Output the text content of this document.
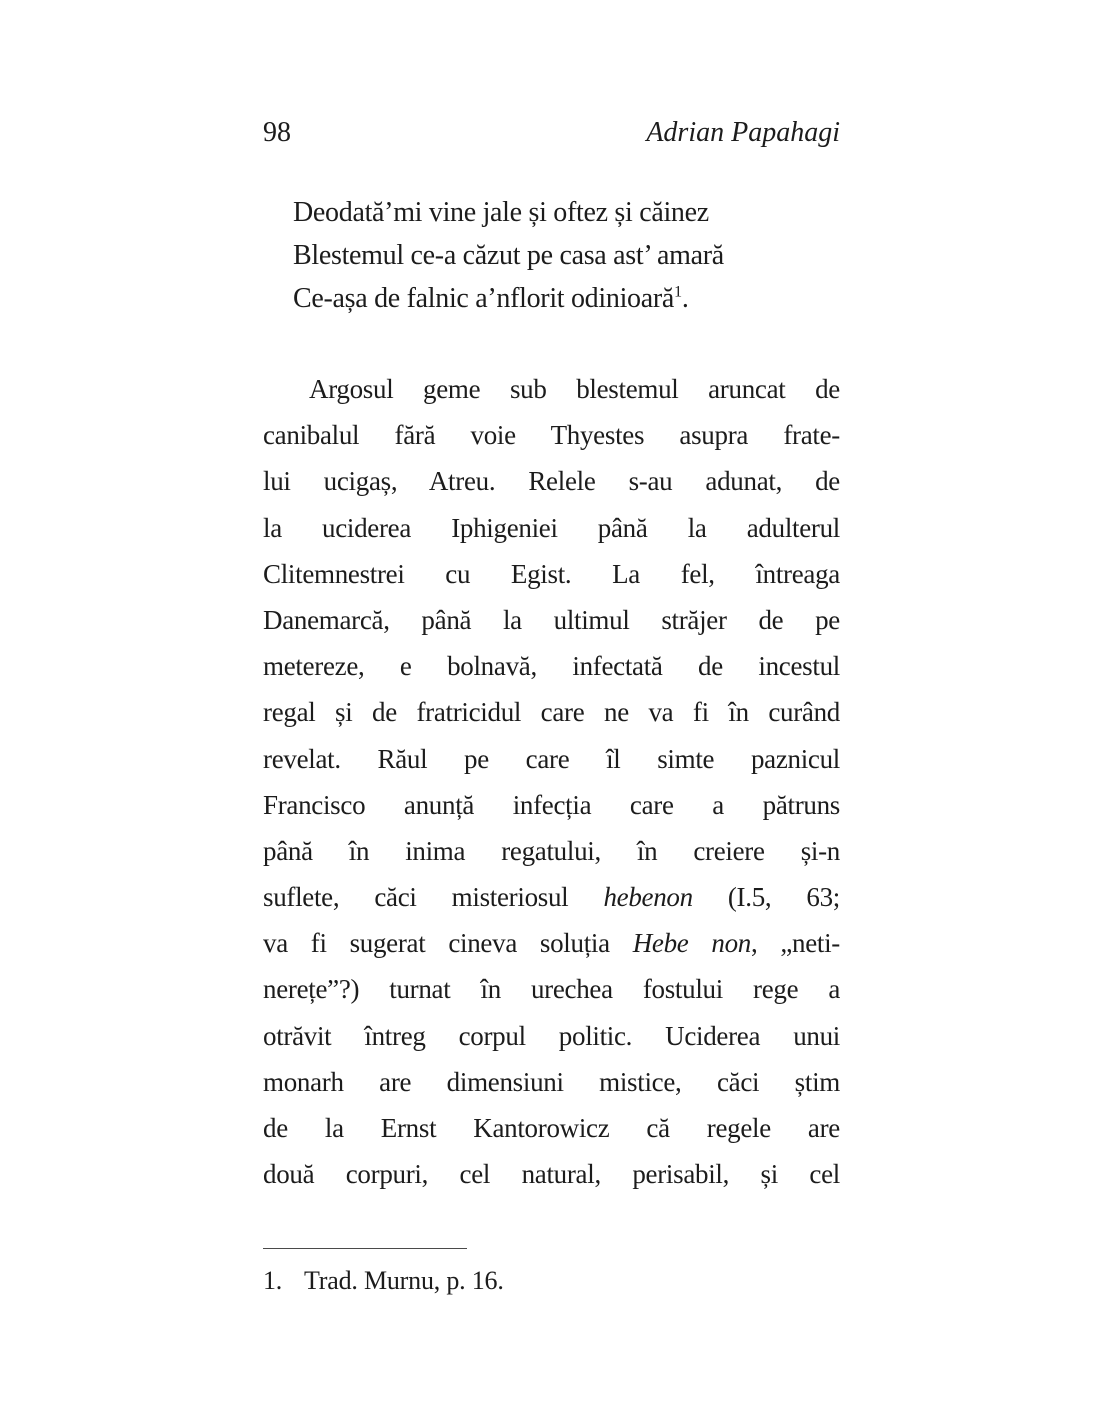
98	Adrian Papahagi
Deodată’mi vine jale și oftez și căinez
Blestemul ce-a căzut pe casa ast’ amară
Ce-așa de falnic a’nflorit odinioară$^1$.
Argosul geme sub blestemul aruncat de
canibalul fără voie Thyestes asupra frate-
lui ucigaș, Atreu. Relele s-au adunat, de
la uciderea Iphigeniei până la adulterul
Clitemnestrei cu Egist. La fel, întreaga
Danemarcă, până la ultimul străjer de pe
metereze, e bolnavă, infectată de incestul
regal și de fratricidul care ne va fi în curând
revelat. Răul pe care îl simte paznicul
Francisco anunță infecția care a pătruns
până în inima regatului, în creiere și-n
suflete, căci misteriosul hebenon (I.5, 63;
va fi sugerat cineva soluția Hebe non, „neti-
nerețe”?) turnat în urechea fostului rege a
otrăvit întreg corpul politic. Uciderea unui
monarh are dimensiuni mistice, căci știm
de la Ernst Kantorowicz că regele are
două corpuri, cel natural, perisabil, și cel
1. Trad. Murnu, p. 16.
